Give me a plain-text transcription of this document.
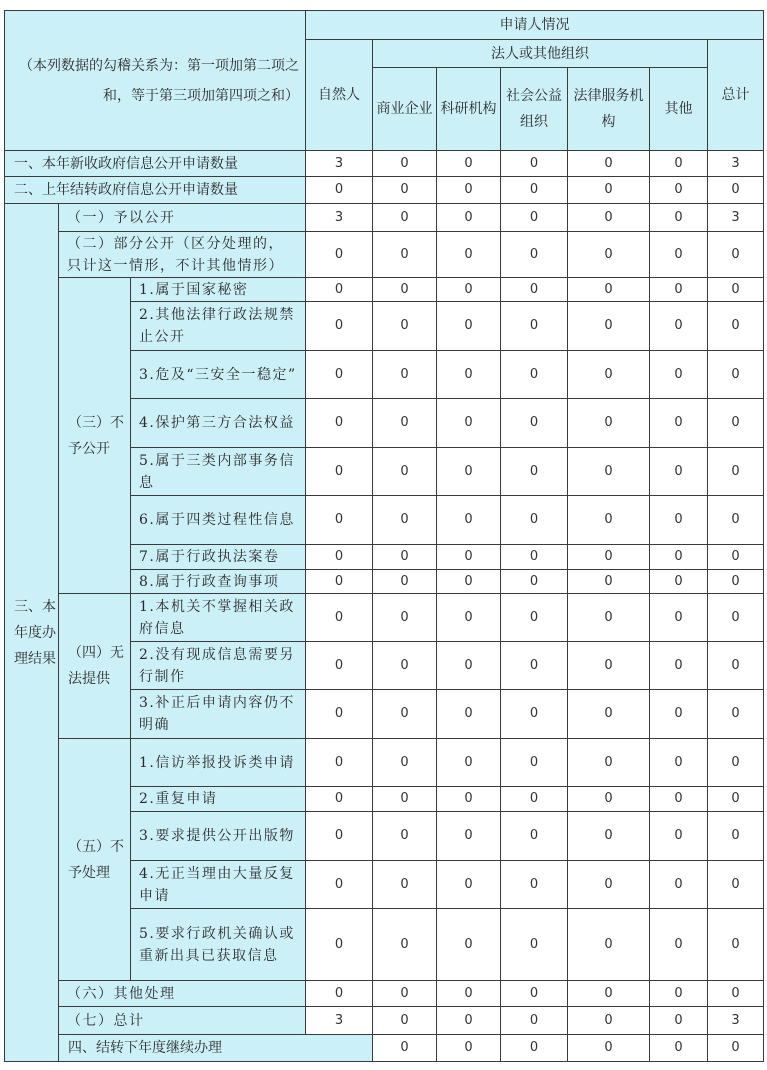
（本列数据的勾稽关系为：第一项加第二项之和，等于第三项加第四项之和）			申请人情况							
			自然人	法人或其他组织					总计	
				商业企业	科研机构	社会公益组织	法律服务机构	其他		
一、本年新收政府信息公开申请数量			3	0	0	0	0	0	3	
二、上年结转政府信息公开申请数量			0	0	0	0	0	0	0	
三、本年度办理结果	（一）予以公开		3	0	0	0	0	0	3	
	（二）部分公开（区分处理的，只计这一情形，不计其他情形）		0	0	0	0	0	0	0	
	（三）不予公开	1.属于国家秘密	0	0	0	0	0	0	0	
		2.其他法律行政法规禁止公开	0	0	0	0	0	0	0	
		3.危及“三安全一稳定”	0	0	0	0	0	0	0	
		4.保护第三方合法权益	0	0	0	0	0	0	0	
		5.属于三类内部事务信息	0	0	0	0	0	0	0	
		6.属于四类过程性信息	0	0	0	0	0	0	0	
		7.属于行政执法案卷	0	0	0	0	0	0	0	
		8.属于行政查询事项	0	0	0	0	0	0	0	
	（四）无法提供	1.本机关不掌握相关政府信息	0	0	0	0	0	0	0	
		2.没有现成信息需要另行制作	0	0	0	0	0	0	0	
		3.补正后申请内容仍不明确	0	0	0	0	0	0	0	
	（五）不予处理	1.信访举报投诉类申请	0	0	0	0	0	0	0	
		2.重复申请	0	0	0	0	0	0	0	
		3.要求提供公开出版物	0	0	0	0	0	0	0	
		4.无正当理由大量反复申请	0	0	0	0	0	0	0	
		5.要求行政机关确认或重新出具已获取信息	0	0	0	0	0	0	0	
	（六）其他处理		0	0	0	0	0	0	0	
	（七）总计		3	0	0	0	0	0	3	
	四、结转下年度继续办理			0	0	0	0	0	0	
